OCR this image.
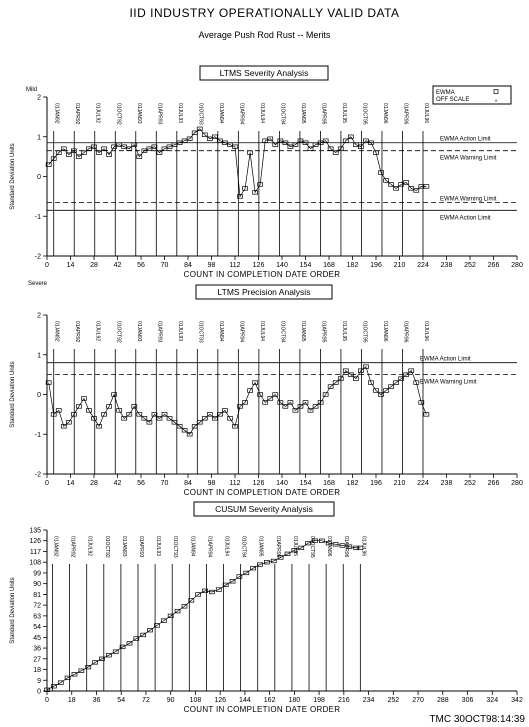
IID INDUSTRY OPERATIONALLY VALID DATA
Average Push Rod Rust -- Merits
TMC 30OCT98:14:39
LTMS Severity Analysis
01JAN92	01APR92	01JUL92	01OCT92	01JAN93	01APR93	01JUL93	01OCT93	01JAN94	01APR94	01JUL94	01OCT94	01JAN95	01APR95	01JUL95	01OCT95	01JAN96	01APR96	01JUL96
EWMA Action Limit
EWMA Warning Limit
EWMA Warning Limit
EWMA Action Limit
-2
-1
0
1
2
0	14 28 42 56 70 84 98 112 126 140 154 168 182 196 210 224 238 252 266 280
COUNT IN COMPLETION DATE ORDER
Standard Deviation Units
Mild
Severe
EWMA
OFF SCALE	*
LTMS Precision Analysis
01JAN92	01APR92	01JUL92	01OCT92	01JAN93	01APR93	01JUL93	01OCT93	01JAN94	01APR94	01JUL94	01OCT94	01JAN95	01APR95	01JUL95	01OCT95	01JAN96	01APR96	01JUL96
EWMA Action Limit
EWMA Warning Limit
-2
-1
0
1
2
0	14 28 42 56 70 84 98 112 126 140 154 168 182 196 210 224 238 252 266 280
COUNT IN COMPLETION DATE ORDER
Standard Deviation Units
CUSUM Severity Analysis
01JAN92 01APR92 01JUL92 01OCT92 01JAN93 01APR93 01JUL93 01OCT93 01JAN94 01APR94 01JUL94 01OCT94 01JAN95 01APR95 01JUL95 01OCT95 01JAN96 01APR96 01JUL96
0
9
18
27
36
45
54
63
72
81
90
99
108
117
126
135
0	18 36 54 72 90 108 126 144 162 180 198 216 234 252 270 288 306 324 342
COUNT IN COMPLETION DATE ORDER
Standard Deviation Units
